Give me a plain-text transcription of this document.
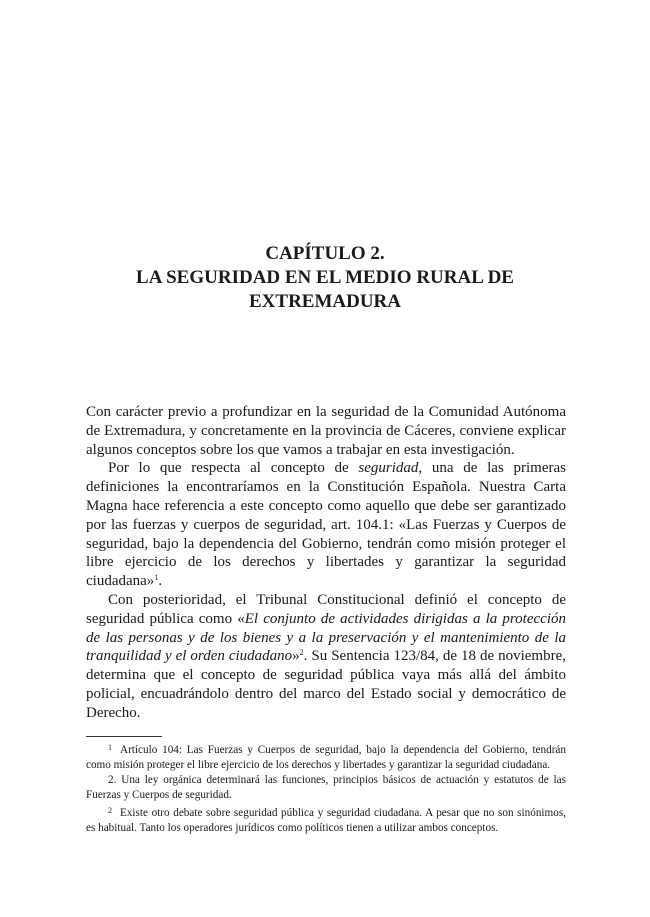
CAPÍTULO 2.
LA SEGURIDAD EN EL MEDIO RURAL DE
EXTREMADURA

Con carácter previo a profundizar en la seguridad de la Comunidad Autónoma de Extremadura, y concretamente en la provincia de Cáceres, conviene explicar algunos conceptos sobre los que vamos a trabajar en esta investigación.

Por lo que respecta al concepto de seguridad, una de las primeras definiciones la encontraríamos en la Constitución Española. Nuestra Carta Magna hace referencia a este concepto como aquello que debe ser garantizado por las fuerzas y cuerpos de seguridad, art. 104.1: «Las Fuerzas y Cuerpos de seguridad, bajo la dependencia del Gobierno, tendrán como misión proteger el libre ejercicio de los derechos y libertades y garantizar la seguridad ciudadana»$^1$.

Con posterioridad, el Tribunal Constitucional definió el concepto de seguridad pública como «El conjunto de actividades dirigidas a la protección de las personas y de los bienes y a la preservación y el mantenimiento de la tranquilidad y el orden ciudadano»$^2$. Su Sentencia 123/84, de 18 de noviembre, determina que el concepto de seguridad pública vaya más allá del ámbito policial, encuadrándolo dentro del marco del Estado social y democrático de Derecho.

$^1$ Artículo 104: Las Fuerzas y Cuerpos de seguridad, bajo la dependencia del Gobierno, tendrán como misión proteger el libre ejercicio de los derechos y libertades y garantizar la seguridad ciudadana.

2. Una ley orgánica determinará las funciones, principios básicos de actuación y estatutos de las Fuerzas y Cuerpos de seguridad.

$^2$ Existe otro debate sobre seguridad pública y seguridad ciudadana. A pesar que no son sinónimos, es habitual. Tanto los operadores jurídicos como políticos tienen a utilizar ambos conceptos.
